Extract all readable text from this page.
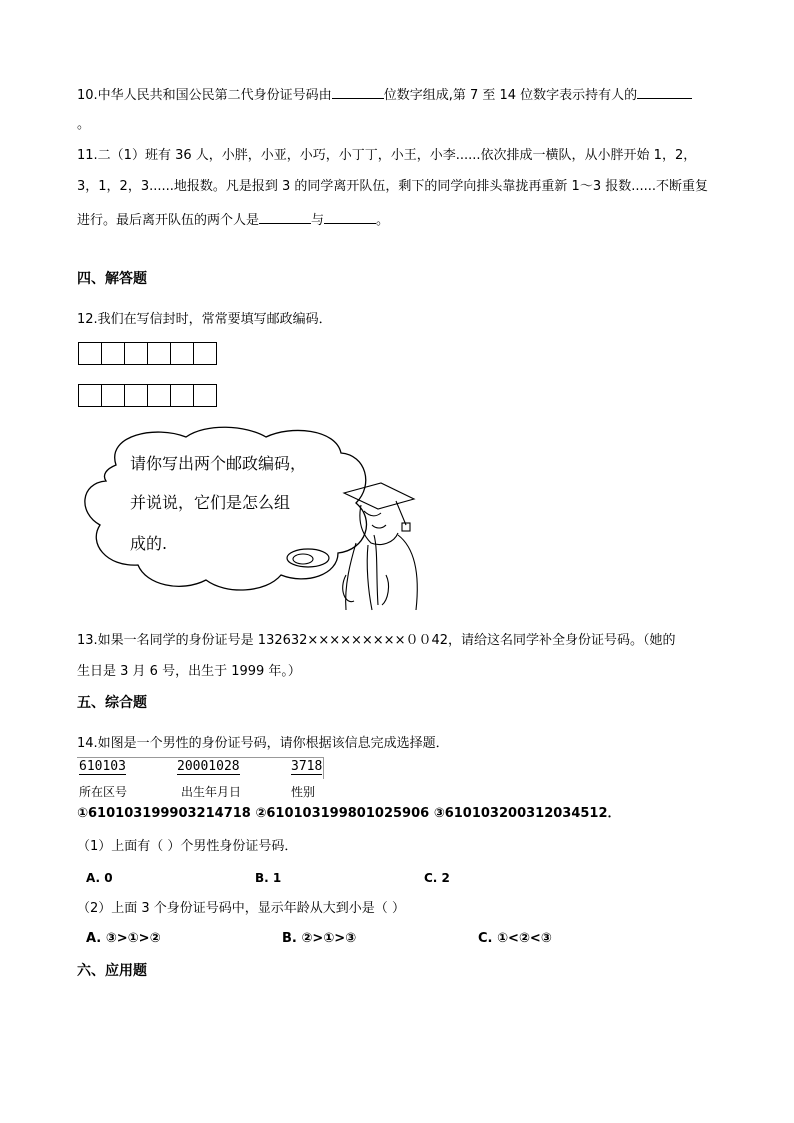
10.中华人民共和国公民第二代身份证号码由	位数字组成,第 7 至 14 位数字表示持有人的
。
11.二（1）班有 36 人，小胖，小亚，小巧，小丁丁，小王，小李......依次排成一横队，从小胖开始 1，2，
3，1，2，3......地报数。凡是报到 3 的同学离开队伍，剩下的同学向排头靠拢再重新 1～3 报数......不断重复
进行。最后离开队伍的两个人是	与	。
四、解答题
12.我们在写信封时，常常要填写邮政编码．
请你写出两个邮政编码，
并说说，它们是怎么组
成的.
13.如果一名同学的身份证号是 132632×××××××××００42，请给这名同学补全身份证号码。（她的
生日是 3 月 6 号，出生于 1999 年。）
五、综合题
14.如图是一个男性的身份证号码，请你根据该信息完成选择题．
610103	20001028	3718
所在区号	出生年月日	性别
①610103199903214718 ②610103199801025906 ③610103200312034512．
（1）上面有（ ）个男性身份证号码．
A. 0	B. 1	C. 2
（2）上面 3 个身份证号码中，显示年龄从大到小是（ ）
A. ③>①>②	B. ②>①>③	C. ①<②<③
六、应用题
